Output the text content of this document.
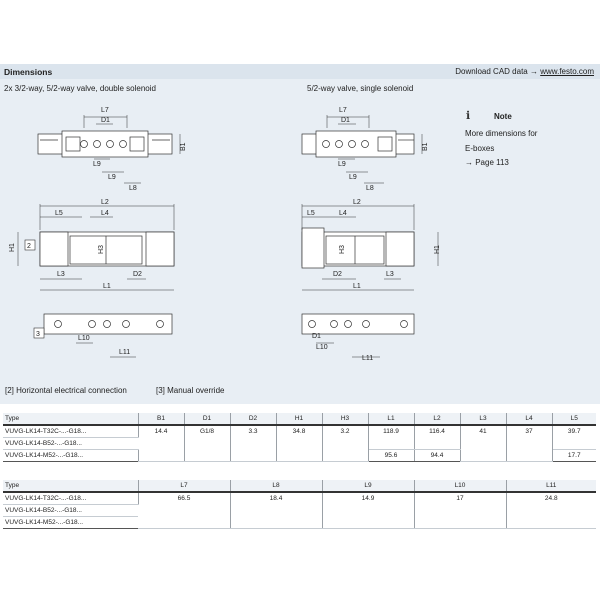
Dimensions	Download CAD data → www.festo.com
2x 3/2-way, 5/2-way valve, double solenoid	5/2-way valve, single solenoid
ℹ	Note
More dimensions for
E-boxes
→ Page 113
L7
D1
B1
L9
L9
L8
L2
L5	L4
H1	H3
2
L3	D2
L1
3
L10
L11
L7
D1
B1
L9
L9
L8
L2
L5	L4
H1
H3
D2	L3
L1
D1
L10
L11
[2] Horizontal electrical connection	[3] Manual override
Type	B1	D1	D2	H1	H3	L1	L2	L3	L4	L5
VUVG-LK14-T32C-...-G18...	14.4	G1/8	3.3	34.8	3.2	118.9	116.4	41	37	39.7
VUVG-LK14-B52-...-G18...										
VUVG-LK14-M52-...-G18...						95.6	94.4			17.7
Type	L7	L8	L9	L10	L11
VUVG-LK14-T32C-...-G18...	66.5	18.4	14.9	17	24.8
VUVG-LK14-B52-...-G18...					
VUVG-LK14-M52-...-G18...					
